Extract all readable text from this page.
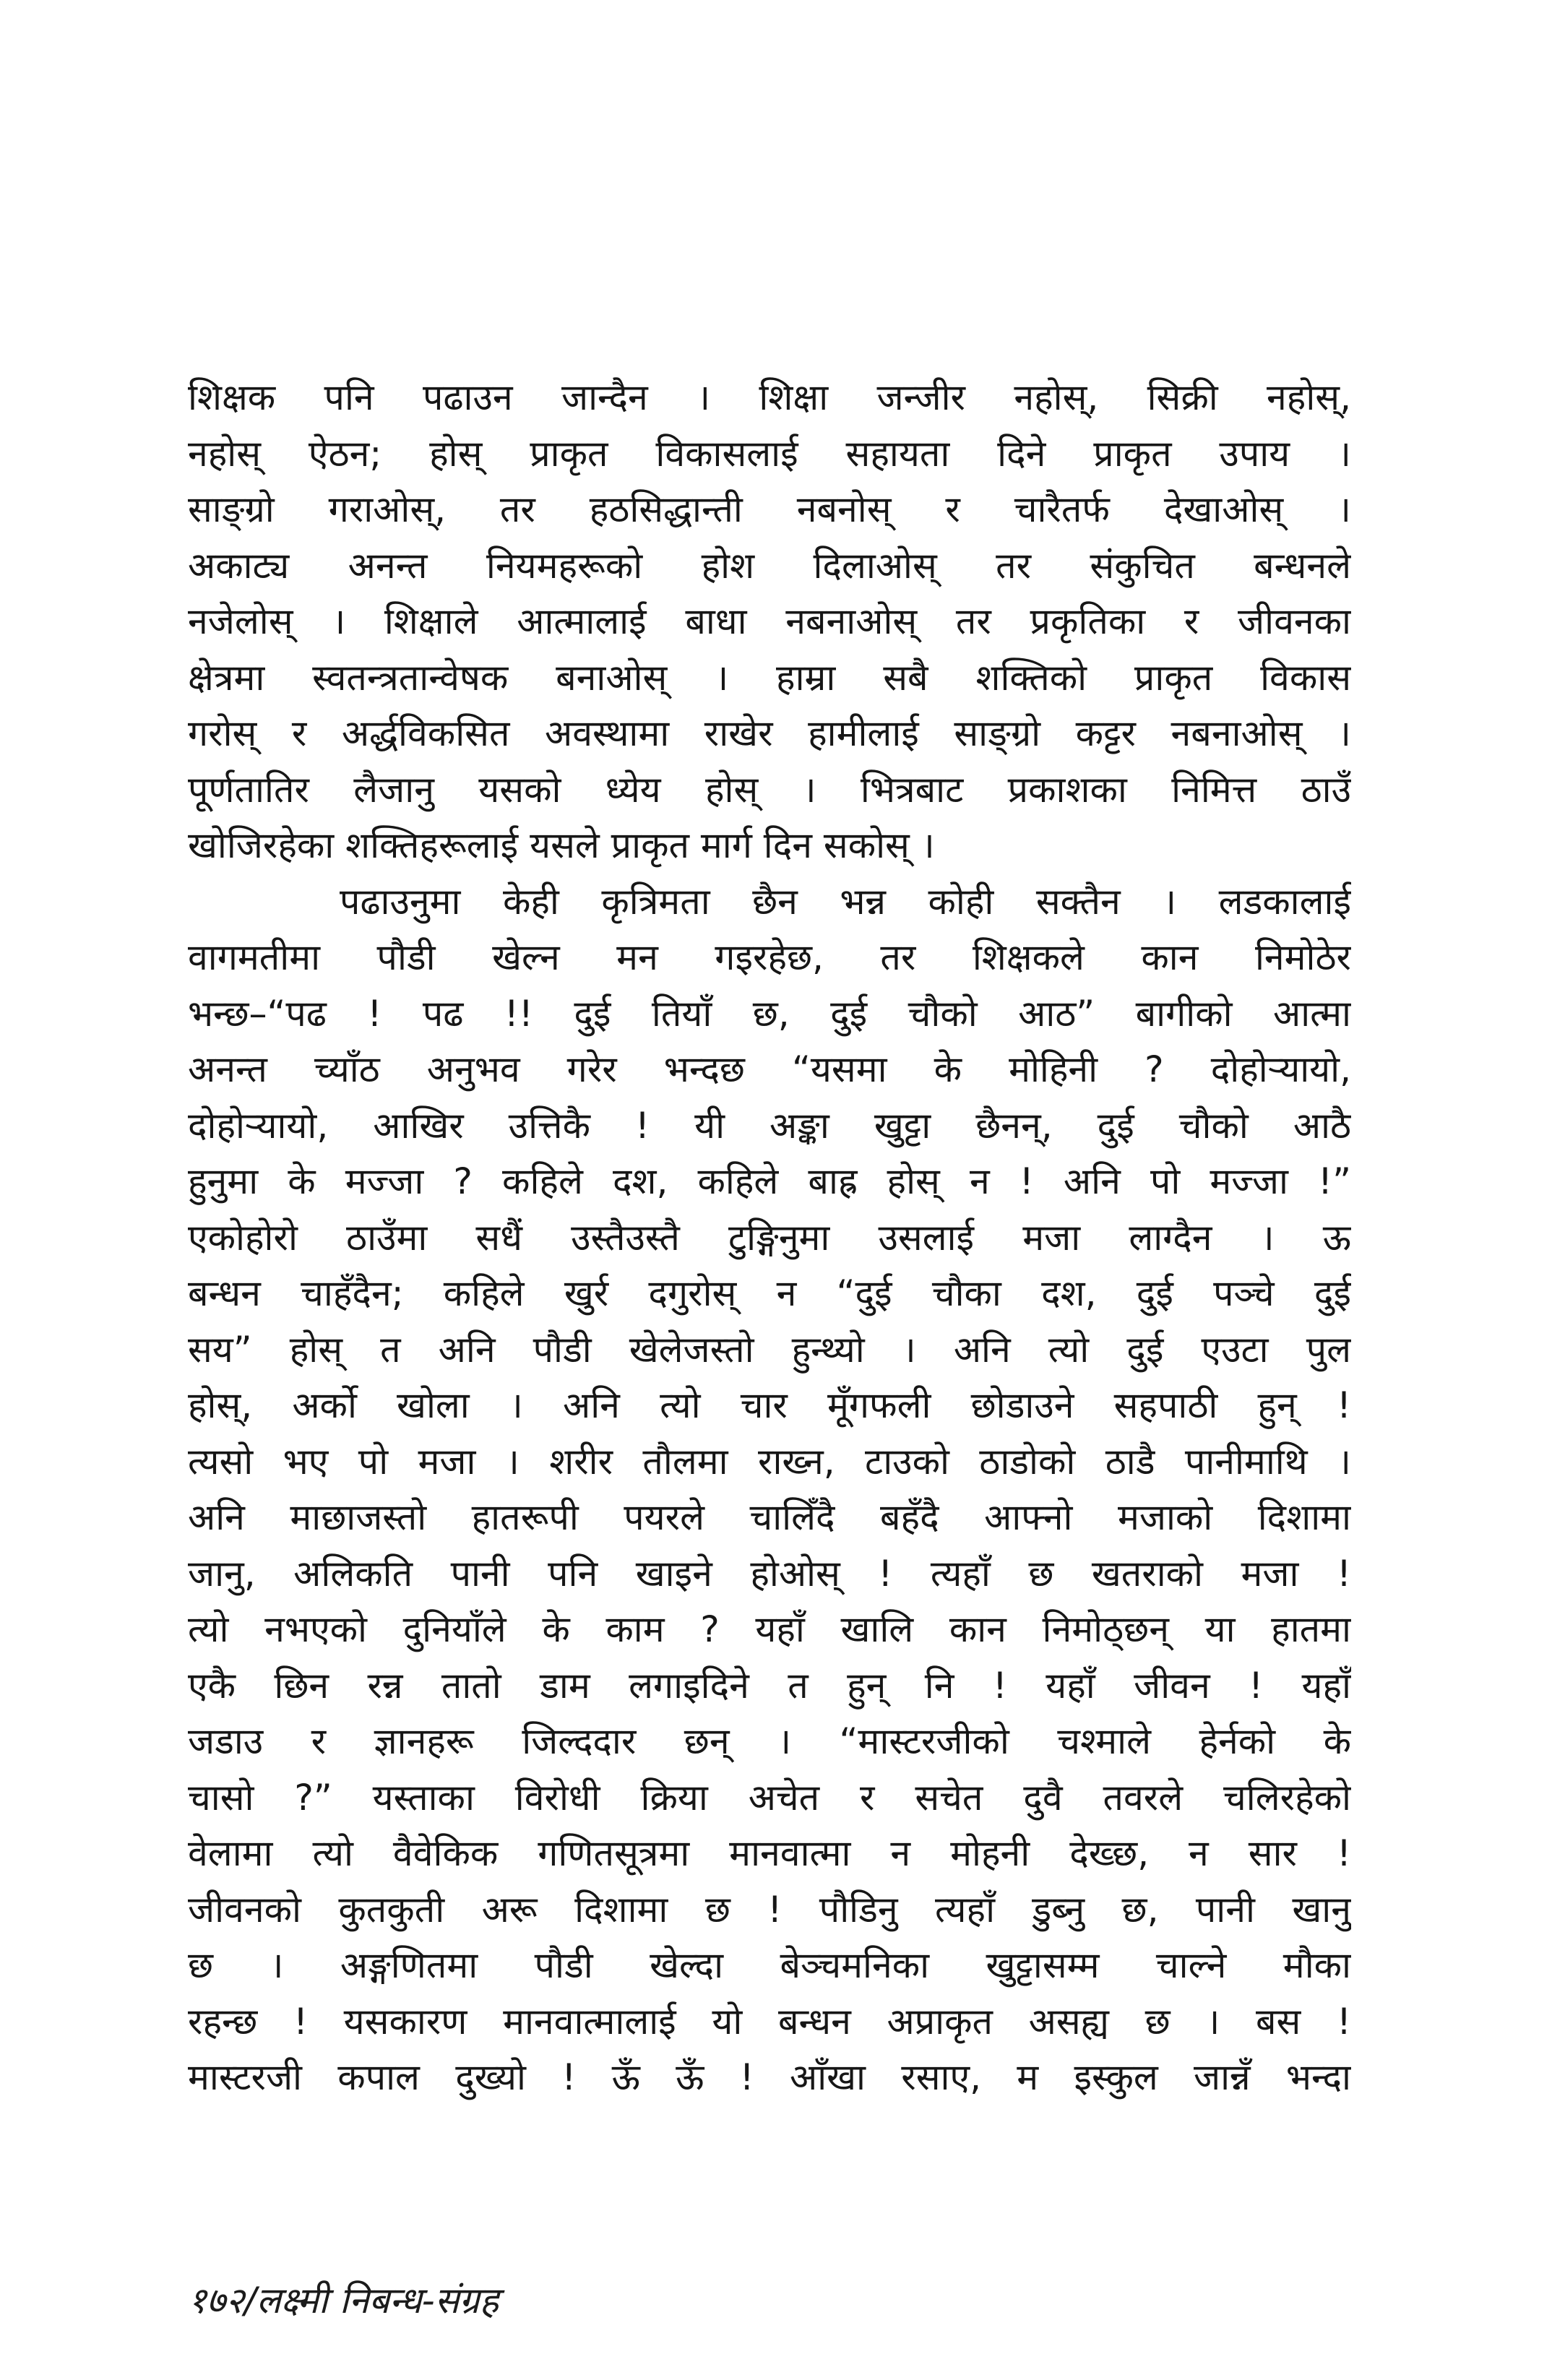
शिक्षक पनि पढाउन जान्दैन । शिक्षा जन्जीर नहोस्, सिक्री नहोस्,
नहोस् ऐठन; होस् प्राकृत विकासलाई सहायता दिने प्राकृत उपाय ।
साङ्ग्रो गराओस्, तर हठसिद्धान्ती नबनोस् र चारैतर्फ देखाओस् ।
अकाट्य अनन्त नियमहरूको होश दिलाओस् तर संकुचित बन्धनले
नजेलोस् । शिक्षाले आत्मालाई बाधा नबनाओस् तर प्रकृतिका र जीवनका
क्षेत्रमा स्वतन्त्रतान्वेषक बनाओस् । हाम्रा सबै शक्तिको प्राकृत विकास
गरोस् र अर्द्धविकसित अवस्थामा राखेर हामीलाई साङ्ग्रो कट्टर नबनाओस् ।
पूर्णतातिर लैजानु यसको ध्येय होस् । भित्रबाट प्रकाशका निमित्त ठाउँ
खोजिरहेका शक्तिहरूलाई यसले प्राकृत मार्ग दिन सकोस् ।
पढाउनुमा केही कृत्रिमता छैन भन्न कोही सक्तैन । लडकालाई
वागमतीमा पौडी खेल्न मन गइरहेछ, तर शिक्षकले कान निमोठेर
भन्छ–“पढ ! पढ !! दुई तियाँ छ, दुई चौको आठ” बागीको आत्मा
अनन्त च्याँठ अनुभव गरेर भन्दछ “यसमा के मोहिनी ? दोहोऱ्यायो,
दोहोऱ्यायो, आखिर उत्तिकै ! यी अङ्का खुट्टा छैनन्, दुई चौको आठै
हुनुमा के मज्जा ? कहिले दश, कहिले बाह्र होस् न ! अनि पो मज्जा !”
एकोहोरो ठाउँमा सधैं उस्तैउस्तै टुङ्गिनुमा उसलाई मजा लाग्दैन । ऊ
बन्धन चाहँदैन; कहिले खुर्र दगुरोस् न “दुई चौका दश, दुई पञ्चे दुई
सय” होस् त अनि पौडी खेलेजस्तो हुन्थ्यो । अनि त्यो दुई एउटा पुल
होस्, अर्को खोला । अनि त्यो चार मूँगफली छोडाउने सहपाठी हुन् !
त्यसो भए पो मजा । शरीर तौलमा राख्न, टाउको ठाडोको ठाडै पानीमाथि ।
अनि माछाजस्तो हातरूपी पयरले चालिँदै बहँदै आफ्नो मजाको दिशामा
जानु, अलिकति पानी पनि खाइने होओस् ! त्यहाँ छ खतराको मजा !
त्यो नभएको दुनियाँले के काम ? यहाँ खालि कान निमोठ्छन् या हातमा
एकै छिन रन्न तातो डाम लगाइदिने त हुन् नि ! यहाँ जीवन ! यहाँ
जडाउ र ज्ञानहरू जिल्ददार छन् । “मास्टरजीको चश्माले हेर्नको के
चासो ?” यस्ताका विरोधी क्रिया अचेत र सचेत दुवै तवरले चलिरहेको
वेलामा त्यो वैवेकिक गणितसूत्रमा मानवात्मा न मोहनी देख्छ, न सार !
जीवनको कुतकुती अरू दिशामा छ ! पौडिनु त्यहाँ डुब्नु छ, पानी खानु
छ । अङ्गणितमा पौडी खेल्दा बेञ्चमनिका खुट्टासम्म चाल्ने मौका
रहन्छ ! यसकारण मानवात्मालाई यो बन्धन अप्राकृत असह्य छ । बस !
मास्टरजी कपाल दुख्यो ! ऊँ ऊँ ! आँखा रसाए, म इस्कुल जान्नँ भन्दा
१७२/लक्ष्मी निबन्ध-संग्रह
